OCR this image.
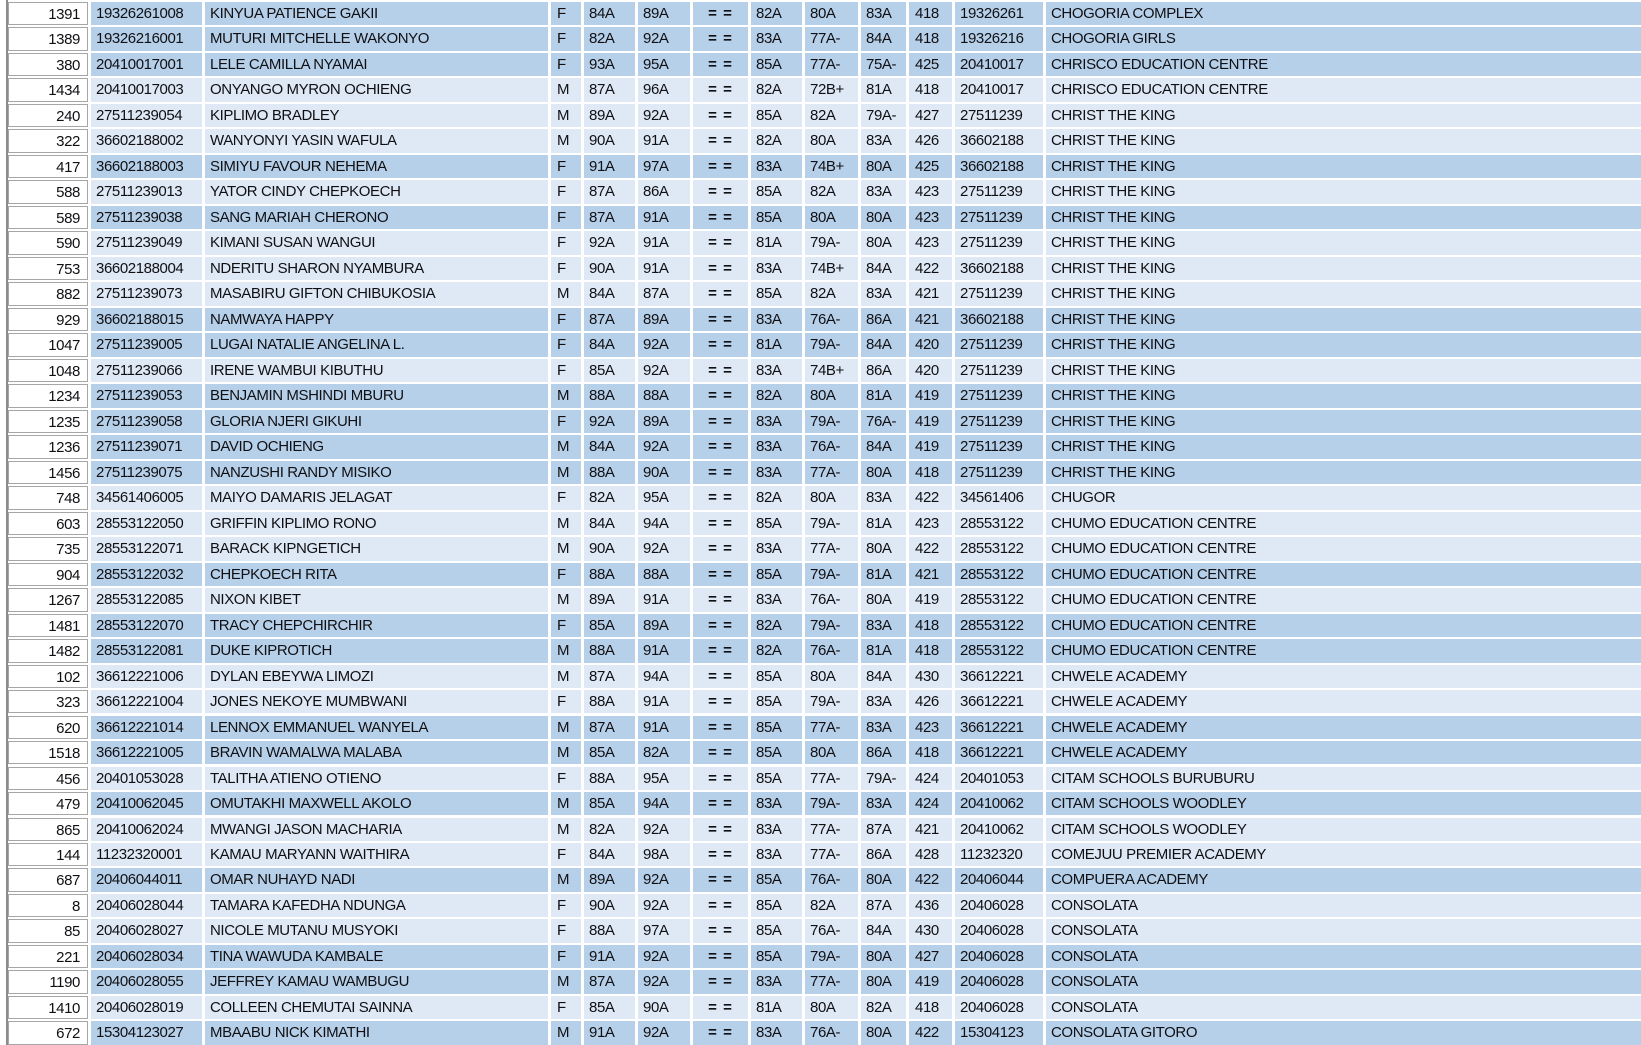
1391	19326261008	KINYUA PATIENCE GAKII	F	84A	89A	= =	82A	80A	83A	418	19326261	CHOGORIA COMPLEX
1389	19326216001	MUTURI MITCHELLE WAKONYO	F	82A	92A	= =	83A	77A-	84A	418	19326216	CHOGORIA GIRLS
380	20410017001	LELE CAMILLA NYAMAI	F	93A	95A	= =	85A	77A-	75A-	425	20410017	CHRISCO EDUCATION CENTRE
1434	20410017003	ONYANGO MYRON OCHIENG	M	87A	96A	= =	82A	72B+	81A	418	20410017	CHRISCO EDUCATION CENTRE
240	27511239054	KIPLIMO BRADLEY	M	89A	92A	= =	85A	82A	79A-	427	27511239	CHRIST THE KING
322	36602188002	WANYONYI YASIN WAFULA	M	90A	91A	= =	82A	80A	83A	426	36602188	CHRIST THE KING
417	36602188003	SIMIYU FAVOUR NEHEMA	F	91A	97A	= =	83A	74B+	80A	425	36602188	CHRIST THE KING
588	27511239013	YATOR CINDY CHEPKOECH	F	87A	86A	= =	85A	82A	83A	423	27511239	CHRIST THE KING
589	27511239038	SANG MARIAH CHERONO	F	87A	91A	= =	85A	80A	80A	423	27511239	CHRIST THE KING
590	27511239049	KIMANI SUSAN WANGUI	F	92A	91A	= =	81A	79A-	80A	423	27511239	CHRIST THE KING
753	36602188004	NDERITU SHARON NYAMBURA	F	90A	91A	= =	83A	74B+	84A	422	36602188	CHRIST THE KING
882	27511239073	MASABIRU GIFTON CHIBUKOSIA	M	84A	87A	= =	85A	82A	83A	421	27511239	CHRIST THE KING
929	36602188015	NAMWAYA HAPPY	F	87A	89A	= =	83A	76A-	86A	421	36602188	CHRIST THE KING
1047	27511239005	LUGAI NATALIE ANGELINA L.	F	84A	92A	= =	81A	79A-	84A	420	27511239	CHRIST THE KING
1048	27511239066	IRENE WAMBUI KIBUTHU	F	85A	92A	= =	83A	74B+	86A	420	27511239	CHRIST THE KING
1234	27511239053	BENJAMIN MSHINDI MBURU	M	88A	88A	= =	82A	80A	81A	419	27511239	CHRIST THE KING
1235	27511239058	GLORIA NJERI GIKUHI	F	92A	89A	= =	83A	79A-	76A-	419	27511239	CHRIST THE KING
1236	27511239071	DAVID OCHIENG	M	84A	92A	= =	83A	76A-	84A	419	27511239	CHRIST THE KING
1456	27511239075	NANZUSHI RANDY MISIKO	M	88A	90A	= =	83A	77A-	80A	418	27511239	CHRIST THE KING
748	34561406005	MAIYO DAMARIS JELAGAT	F	82A	95A	= =	82A	80A	83A	422	34561406	CHUGOR
603	28553122050	GRIFFIN KIPLIMO RONO	M	84A	94A	= =	85A	79A-	81A	423	28553122	CHUMO EDUCATION CENTRE
735	28553122071	BARACK KIPNGETICH	M	90A	92A	= =	83A	77A-	80A	422	28553122	CHUMO EDUCATION CENTRE
904	28553122032	CHEPKOECH RITA	F	88A	88A	= =	85A	79A-	81A	421	28553122	CHUMO EDUCATION CENTRE
1267	28553122085	NIXON KIBET	M	89A	91A	= =	83A	76A-	80A	419	28553122	CHUMO EDUCATION CENTRE
1481	28553122070	TRACY CHEPCHIRCHIR	F	85A	89A	= =	82A	79A-	83A	418	28553122	CHUMO EDUCATION CENTRE
1482	28553122081	DUKE KIPROTICH	M	88A	91A	= =	82A	76A-	81A	418	28553122	CHUMO EDUCATION CENTRE
102	36612221006	DYLAN EBEYWA LIMOZI	M	87A	94A	= =	85A	80A	84A	430	36612221	CHWELE ACADEMY
323	36612221004	JONES NEKOYE MUMBWANI	F	88A	91A	= =	85A	79A-	83A	426	36612221	CHWELE ACADEMY
620	36612221014	LENNOX EMMANUEL WANYELA	M	87A	91A	= =	85A	77A-	83A	423	36612221	CHWELE ACADEMY
1518	36612221005	BRAVIN WAMALWA MALABA	M	85A	82A	= =	85A	80A	86A	418	36612221	CHWELE ACADEMY
456	20401053028	TALITHA ATIENO OTIENO	F	88A	95A	= =	85A	77A-	79A-	424	20401053	CITAM SCHOOLS BURUBURU
479	20410062045	OMUTAKHI MAXWELL AKOLO	M	85A	94A	= =	83A	79A-	83A	424	20410062	CITAM SCHOOLS WOODLEY
865	20410062024	MWANGI JASON MACHARIA	M	82A	92A	= =	83A	77A-	87A	421	20410062	CITAM SCHOOLS WOODLEY
144	11232320001	KAMAU MARYANN WAITHIRA	F	84A	98A	= =	83A	77A-	86A	428	11232320	COMEJUU PREMIER ACADEMY
687	20406044011	OMAR NUHAYD NADI	M	89A	92A	= =	85A	76A-	80A	422	20406044	COMPUERA ACADEMY
8	20406028044	TAMARA KAFEDHA NDUNGA	F	90A	92A	= =	85A	82A	87A	436	20406028	CONSOLATA
85	20406028027	NICOLE MUTANU MUSYOKI	F	88A	97A	= =	85A	76A-	84A	430	20406028	CONSOLATA
221	20406028034	TINA WAWUDA KAMBALE	F	91A	92A	= =	85A	79A-	80A	427	20406028	CONSOLATA
1190	20406028055	JEFFREY KAMAU WAMBUGU	M	87A	92A	= =	83A	77A-	80A	419	20406028	CONSOLATA
1410	20406028019	COLLEEN CHEMUTAI SAINNA	F	85A	90A	= =	81A	80A	82A	418	20406028	CONSOLATA
672	15304123027	MBAABU NICK KIMATHI	M	91A	92A	= =	83A	76A-	80A	422	15304123	CONSOLATA GITORO
